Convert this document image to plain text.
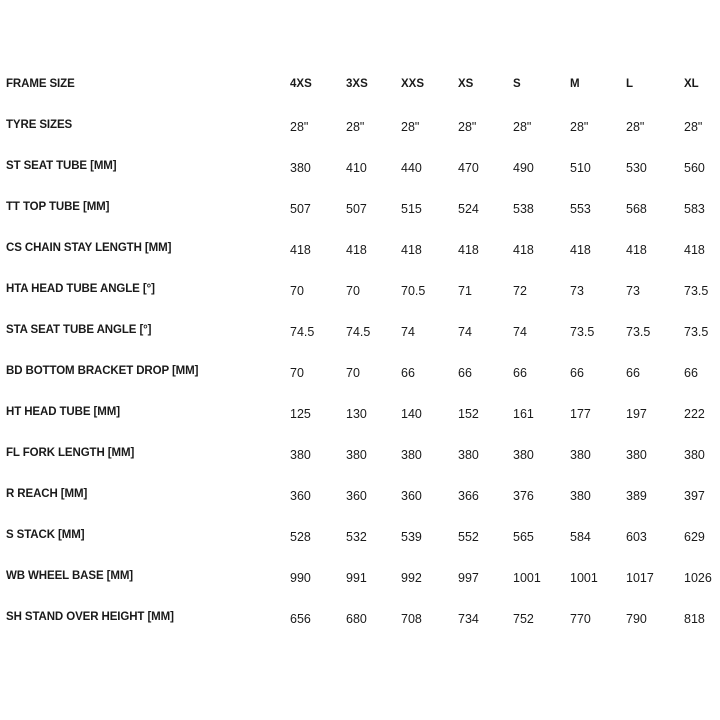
FRAME SIZE	4XS	3XS	XXS	XS	S	M	L	XL
TYRE SIZES	28"	28"	28"	28"	28"	28"	28"	28"
ST SEAT TUBE [MM]	380	410	440	470	490	510	530	560
TT TOP TUBE [MM]	507	507	515	524	538	553	568	583
CS CHAIN STAY LENGTH [MM]	418	418	418	418	418	418	418	418
HTA HEAD TUBE ANGLE [°]	70	70	70.5	71	72	73	73	73.5
STA SEAT TUBE ANGLE [°]	74.5	74.5	74	74	74	73.5	73.5	73.5
BD BOTTOM BRACKET DROP [MM]	70	70	66	66	66	66	66	66
HT HEAD TUBE [MM]	125	130	140	152	161	177	197	222
FL FORK LENGTH [MM]	380	380	380	380	380	380	380	380
R REACH [MM]	360	360	360	366	376	380	389	397
S STACK [MM]	528	532	539	552	565	584	603	629
WB WHEEL BASE [MM]	990	991	992	997	1001	1001	1017	1026
SH STAND OVER HEIGHT [MM]	656	680	708	734	752	770	790	818
